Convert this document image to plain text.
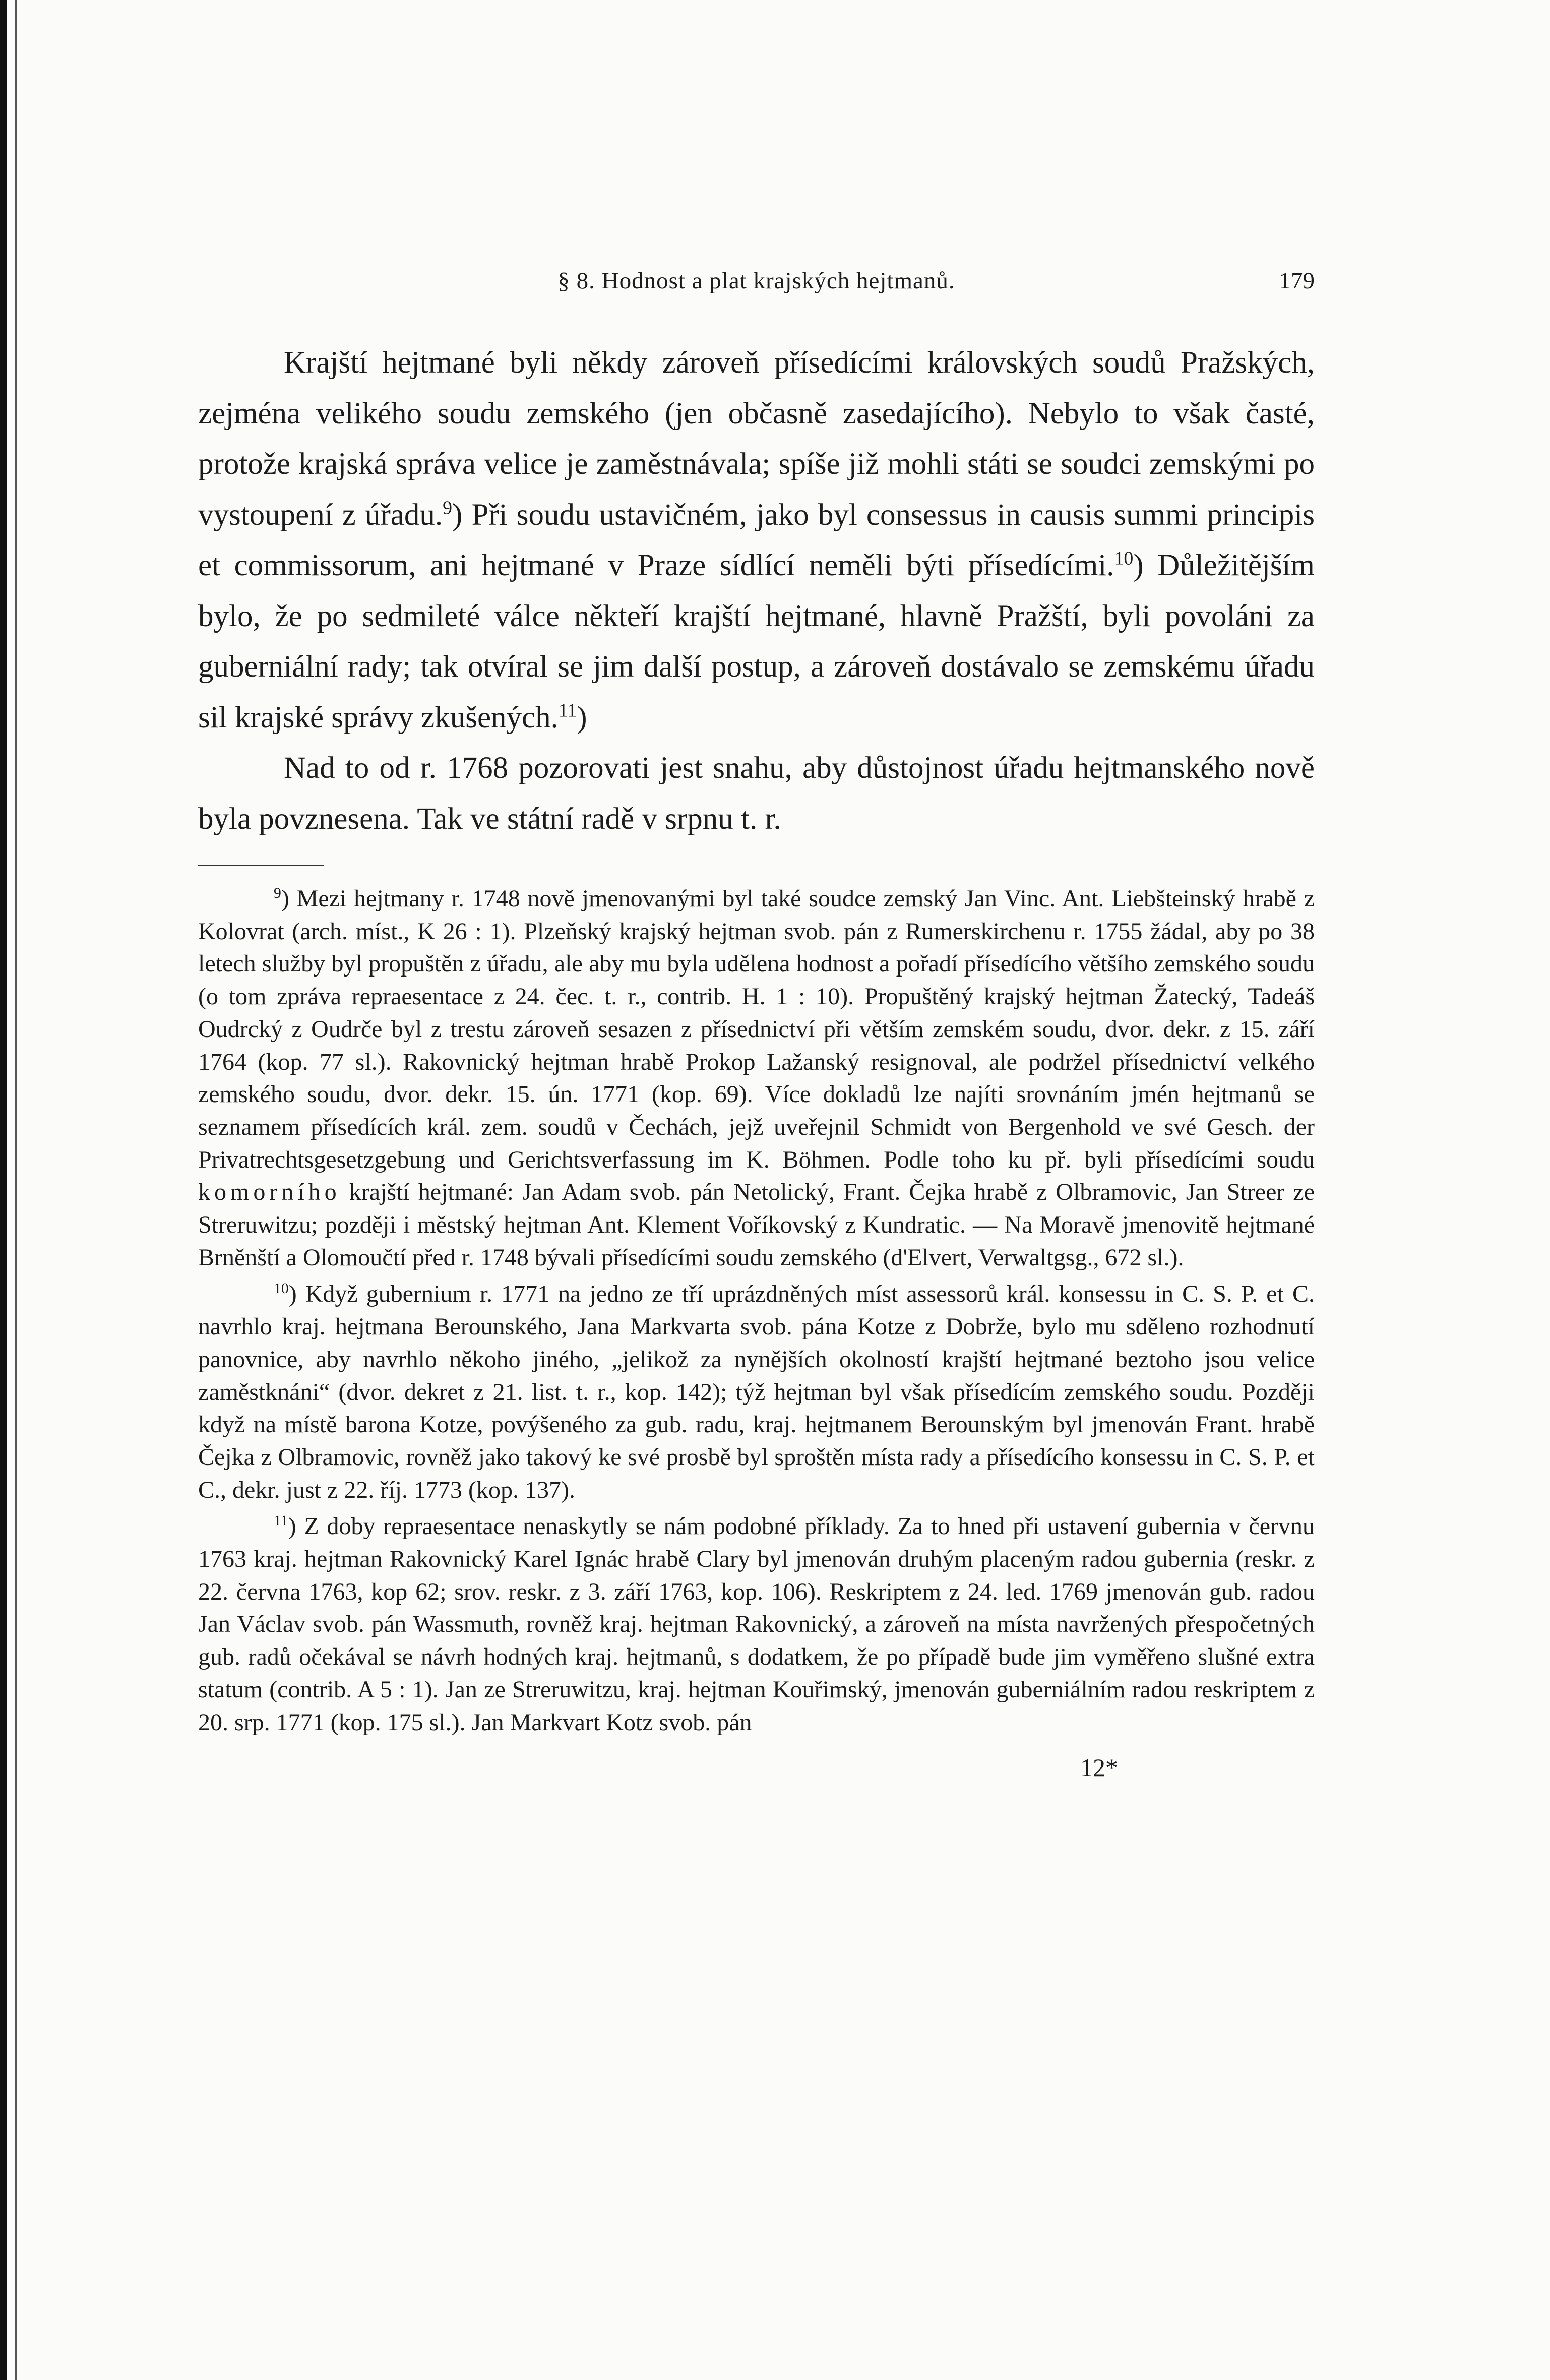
§ 8. Hodnost a plat krajských hejtmanů.	179

Krajští hejtmané byli někdy zároveň přísedícími královských soudů Pražských, zejména velikého soudu zemského (jen občasně zasedajícího). Nebylo to však časté, protože krajská správa velice je zaměstnávala; spíše již mohli státi se soudci zemskými po vystoupení z úřadu.$^9$) Při soudu ustavičném, jako byl consessus in causis summi principis et commissorum, ani hejtmané v Praze sídlící neměli býti přísedícími.$^{10}$) Důležitějším bylo, že po sedmileté válce někteří krajští hejtmané, hlavně Pražští, byli povoláni za guberniální rady; tak otvíral se jim další postup, a zároveň dostávalo se zemskému úřadu sil krajské správy zkušených.$^{11}$)

Nad to od r. 1768 pozorovati jest snahu, aby důstojnost úřadu hejtmanského nově byla povznesena. Tak ve státní radě v srpnu t. r.

$^9$) Mezi hejtmany r. 1748 nově jmenovanými byl také soudce zemský Jan Vinc. Ant. Liebšteinský hrabě z Kolovrat (arch. míst., K 26 : 1). Plzeňský krajský hejtman svob. pán z Rumerskirchenu r. 1755 žádal, aby po 38 letech služby byl propuštěn z úřadu, ale aby mu byla udělena hodnost a pořadí přísedícího většího zemského soudu (o tom zpráva repraesentace z 24. čec. t. r., contrib. H. 1 : 10). Propuštěný krajský hejtman Žatecký, Tadeáš Oudrcký z Oudrče byl z trestu zároveň sesazen z přísednictví při větším zemském soudu, dvor. dekr. z 15. září 1764 (kop. 77 sl.). Rakovnický hejtman hrabě Prokop Lažanský resignoval, ale podržel přísednictví velkého zemského soudu, dvor. dekr. 15. ún. 1771 (kop. 69). Více dokladů lze najíti srovnáním jmén hejtmanů se seznamem přísedících král. zem. soudů v Čechách, jejž uveřejnil Schmidt von Bergenhold ve své Gesch. der Privatrechtsgesetzgebung und Gerichtsverfassung im K. Böhmen. Podle toho ku př. byli přísedícími soudu komorního krajští hejtmané: Jan Adam svob. pán Netolický, Frant. Čejka hrabě z Olbramovic, Jan Streer ze Streruwitzu; později i městský hejtman Ant. Klement Voříkovský z Kundratic. — Na Moravě jmenovitě hejtmané Brněnští a Olomoučtí před r. 1748 bývali přísedícími soudu zemského (d'Elvert, Verwaltgsg., 672 sl.).

$^{10}$) Když gubernium r. 1771 na jedno ze tří uprázdněných míst assessorů král. konsessu in C. S. P. et C. navrhlo kraj. hejtmana Berounského, Jana Markvarta svob. pána Kotze z Dobrže, bylo mu sděleno rozhodnutí panovnice, aby navrhlo někoho jiného, „jelikož za nynějších okolností krajští hejtmané beztoho jsou velice zaměstknáni“ (dvor. dekret z 21. list. t. r., kop. 142); týž hejtman byl však přísedícím zemského soudu. Později když na místě barona Kotze, povýšeného za gub. radu, kraj. hejtmanem Berounským byl jmenován Frant. hrabě Čejka z Olbramovic, rovněž jako takový ke své prosbě byl sproštěn místa rady a přísedícího konsessu in C. S. P. et C., dekr. just z 22. říj. 1773 (kop. 137).

$^{11}$) Z doby repraesentace nenaskytly se nám podobné příklady. Za to hned při ustavení gubernia v červnu 1763 kraj. hejtman Rakovnický Karel Ignác hrabě Clary byl jmenován druhým placeným radou gubernia (reskr. z 22. června 1763, kop 62; srov. reskr. z 3. září 1763, kop. 106). Reskriptem z 24. led. 1769 jmenován gub. radou Jan Václav svob. pán Wassmuth, rovněž kraj. hejtman Rakovnický, a zároveň na místa navržených přespočetných gub. radů očekával se návrh hodných kraj. hejtmanů, s dodatkem, že po případě bude jim vyměřeno slušné extra statum (contrib. A 5 : 1). Jan ze Streruwitzu, kraj. hejtman Kouřimský, jmenován guberniálním radou reskriptem z 20. srp. 1771 (kop. 175 sl.). Jan Markvart Kotz svob. pán

12*
